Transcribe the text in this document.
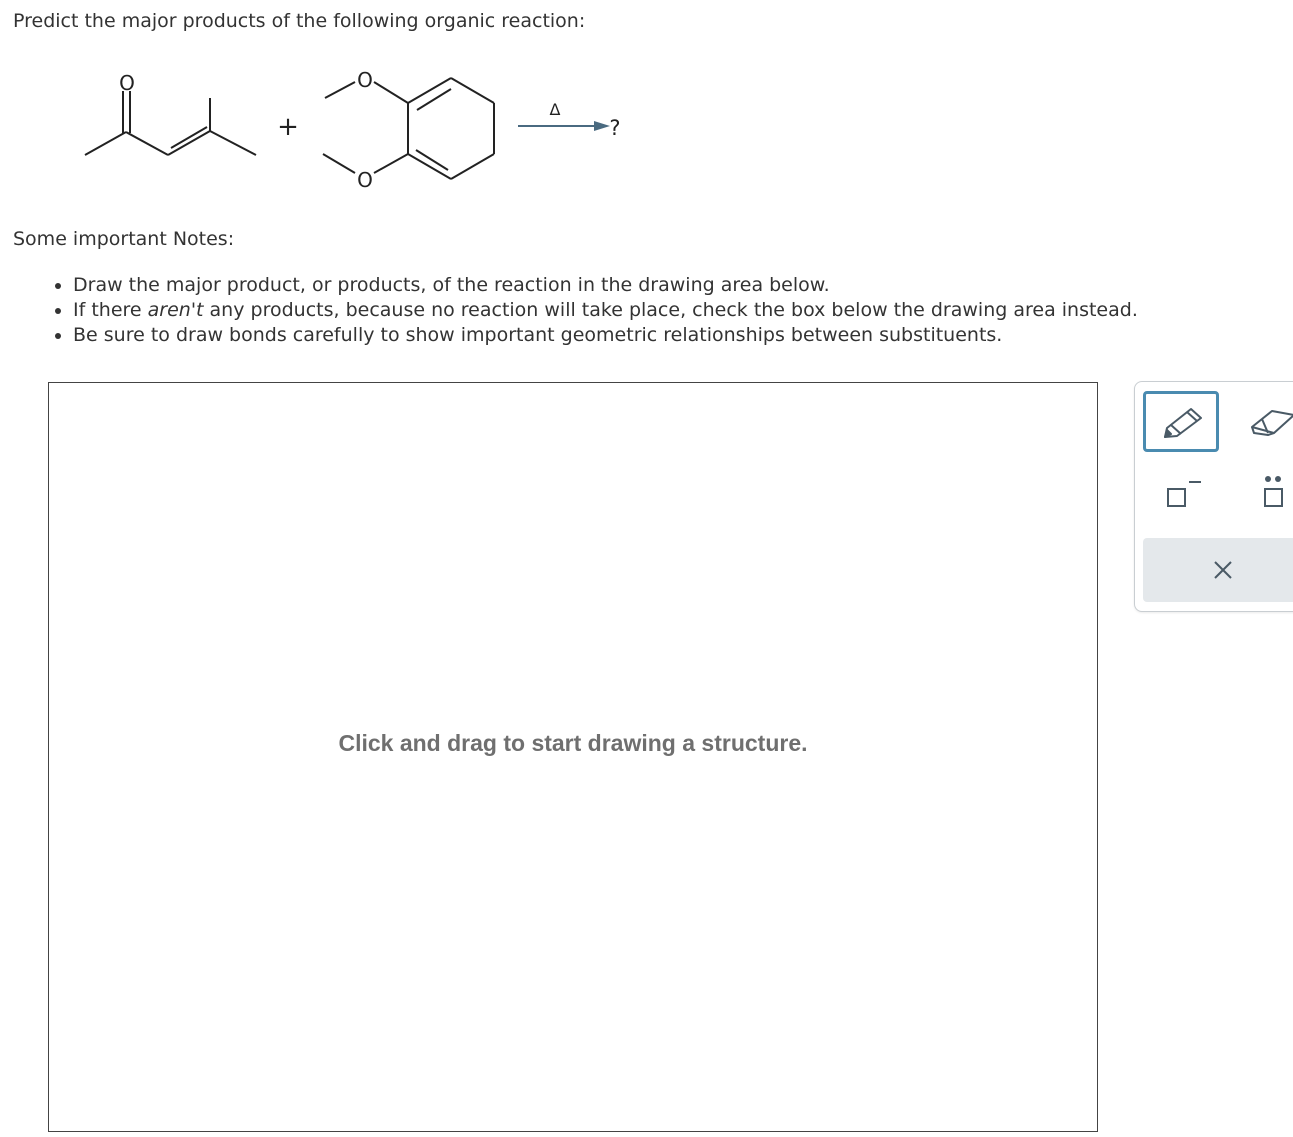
Predict the major products of the following organic reaction:

O
+
O
O
Δ
?

Some important Notes:

• Draw the major product, or products, of the reaction in the drawing area below.
• If there aren't any products, because no reaction will take place, check the box below the drawing area instead.
• Be sure to draw bonds carefully to show important geometric relationships between substituents.
Click and drag to start drawing a structure.
